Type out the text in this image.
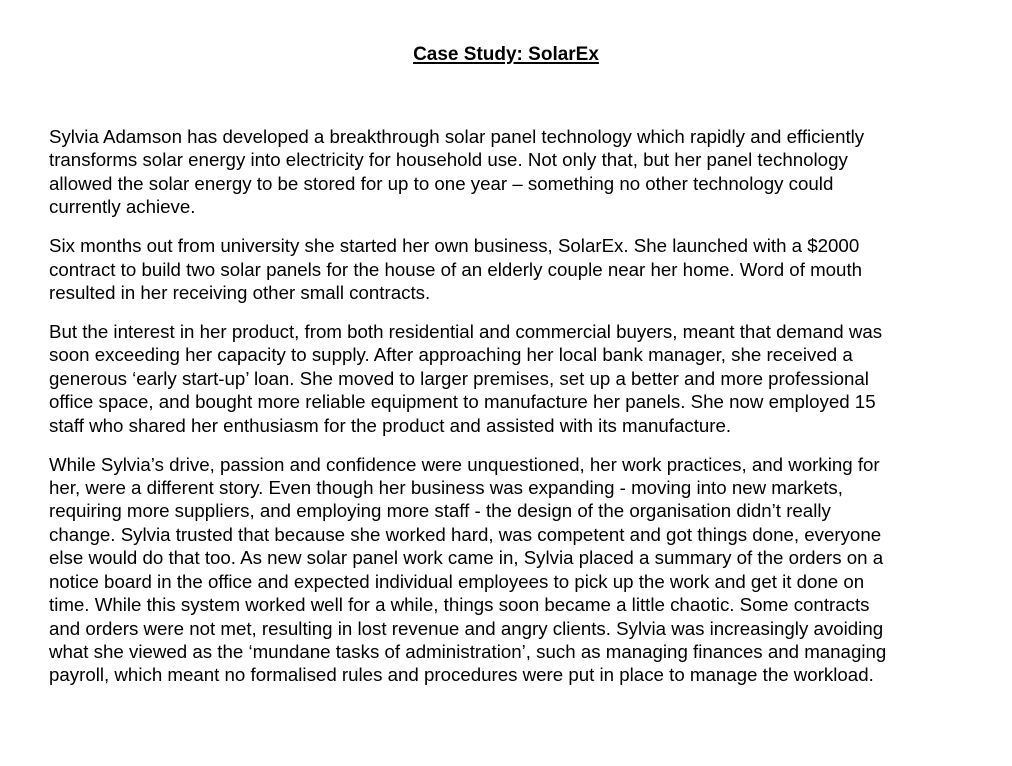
Case Study: SolarEx

Sylvia Adamson has developed a breakthrough solar panel technology which rapidly and efficiently
transforms solar energy into electricity for household use. Not only that, but her panel technology
allowed the solar energy to be stored for up to one year – something no other technology could
currently achieve.

Six months out from university she started her own business, SolarEx. She launched with a $2000
contract to build two solar panels for the house of an elderly couple near her home. Word of mouth
resulted in her receiving other small contracts.

But the interest in her product, from both residential and commercial buyers, meant that demand was
soon exceeding her capacity to supply. After approaching her local bank manager, she received a
generous ‘early start-up’ loan. She moved to larger premises, set up a better and more professional
office space, and bought more reliable equipment to manufacture her panels. She now employed 15
staff who shared her enthusiasm for the product and assisted with its manufacture.

While Sylvia’s drive, passion and confidence were unquestioned, her work practices, and working for
her, were a different story. Even though her business was expanding - moving into new markets,
requiring more suppliers, and employing more staff - the design of the organisation didn’t really
change. Sylvia trusted that because she worked hard, was competent and got things done, everyone
else would do that too. As new solar panel work came in, Sylvia placed a summary of the orders on a
notice board in the office and expected individual employees to pick up the work and get it done on
time. While this system worked well for a while, things soon became a little chaotic. Some contracts
and orders were not met, resulting in lost revenue and angry clients. Sylvia was increasingly avoiding
what she viewed as the ‘mundane tasks of administration’, such as managing finances and managing
payroll, which meant no formalised rules and procedures were put in place to manage the workload.
